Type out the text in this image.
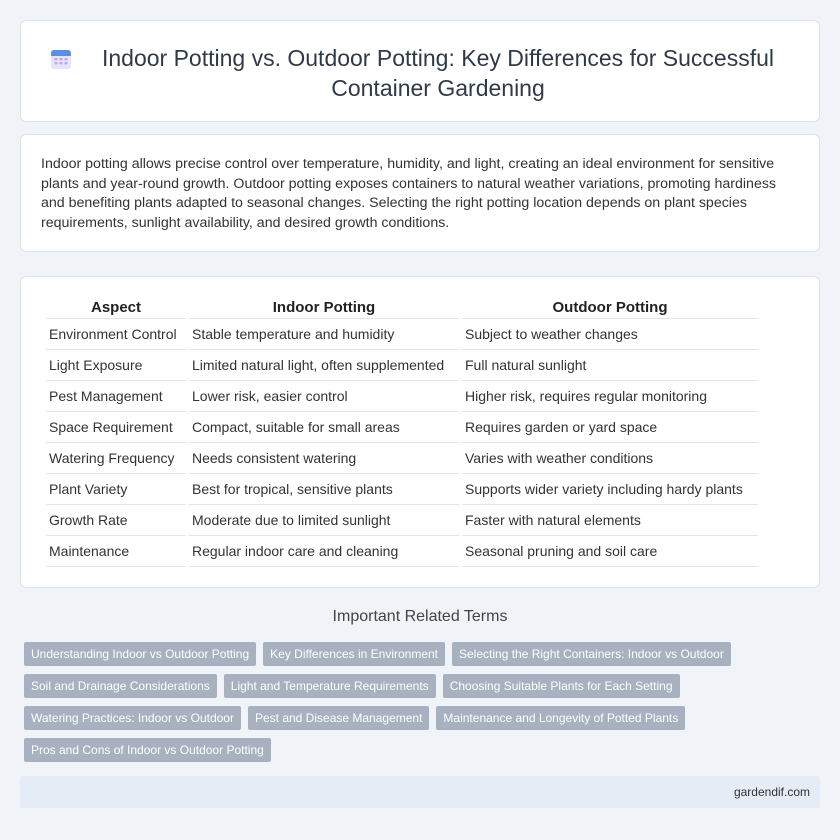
Indoor Potting vs. Outdoor Potting: Key Differences for Successful Container Gardening

Indoor potting allows precise control over temperature, humidity, and light, creating an ideal environment for sensitive plants and year-round growth. Outdoor potting exposes containers to natural weather variations, promoting hardiness and benefiting plants adapted to seasonal changes. Selecting the right potting location depends on plant species requirements, sunlight availability, and desired growth conditions.

Aspect	Indoor Potting	Outdoor Potting
Environment Control	Stable temperature and humidity	Subject to weather changes
Light Exposure	Limited natural light, often supplemented	Full natural sunlight
Pest Management	Lower risk, easier control	Higher risk, requires regular monitoring
Space Requirement	Compact, suitable for small areas	Requires garden or yard space
Watering Frequency	Needs consistent watering	Varies with weather conditions
Plant Variety	Best for tropical, sensitive plants	Supports wider variety including hardy plants
Growth Rate	Moderate due to limited sunlight	Faster with natural elements
Maintenance	Regular indoor care and cleaning	Seasonal pruning and soil care
Important Related Terms
Understanding Indoor vs Outdoor Potting	Key Differences in Environment	Selecting the Right Containers: Indoor vs Outdoor
Soil and Drainage Considerations	Light and Temperature Requirements	Choosing Suitable Plants for Each Setting
Watering Practices: Indoor vs Outdoor	Pest and Disease Management	Maintenance and Longevity of Potted Plants
Pros and Cons of Indoor vs Outdoor Potting
gardendif.com
